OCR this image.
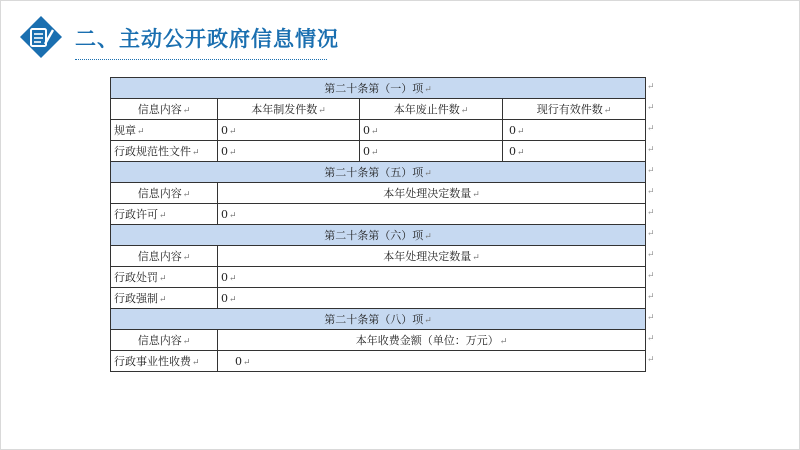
二、主动公开政府信息情况
第二十条第（一）项↵			
信息内容↵	本年制发件数↵	本年废止件数↵	现行有效件数↵
规章↵	0↵	0↵	0↵
行政规范性文件↵	0↵	0↵	0↵
第二十条第（五）项↵			
信息内容↵	本年处理决定数量↵		
行政许可↵	0↵		
第二十条第（六）项↵			
信息内容↵	本年处理决定数量↵		
行政处罚↵	0↵		
行政强制↵	0↵		
第二十条第（八）项↵			
信息内容↵	本年收费金额（单位：万元）↵		
行政事业性收费↵	0↵		
↵
↵
↵
↵
↵
↵
↵
↵
↵
↵
↵
↵
↵
↵
